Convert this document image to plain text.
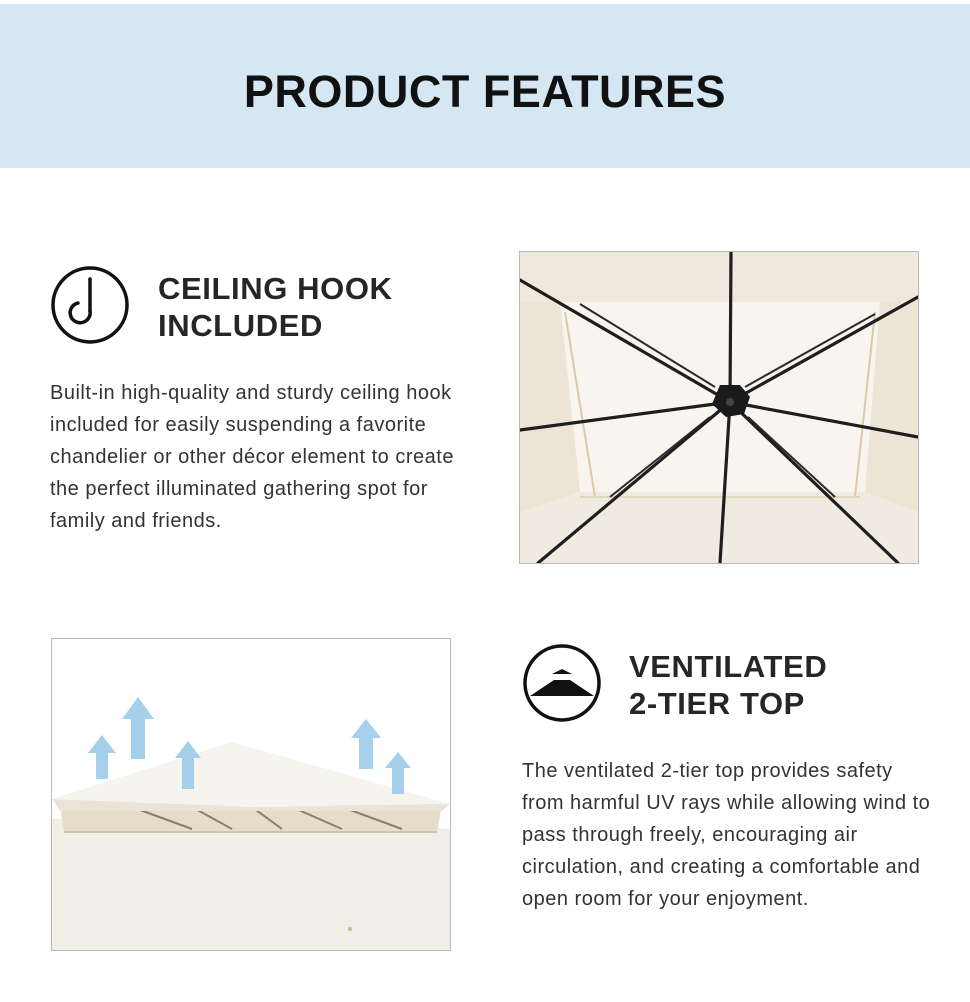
PRODUCT FEATURES
CEILING HOOK
INCLUDED

Built-in high-quality and sturdy ceiling hook included for easily suspending a favorite chandelier or other décor element to create the perfect illuminated gathering spot for family and friends.

VENTILATED
2-TIER TOP

The ventilated 2-tier top provides safety from harmful UV rays while allowing wind to pass through freely, encouraging air circulation, and creating a comfortable and open room for your enjoyment.
